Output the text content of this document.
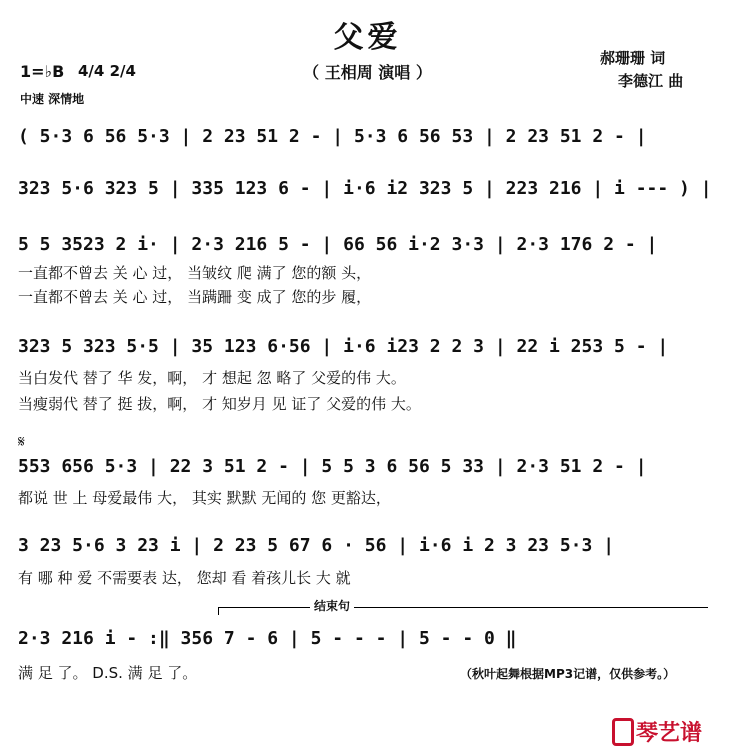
父爱
（ 王相周 演唱 ）
郝珊珊 词
李德江 曲
1=♭B 4/4 2/4
中速 深情地
( 5·3 6 56 5·3 | 2 23 51 2 - | 5·3 6 56 53 | 2 23 51 2 - |
323 5·6 323 5 | 335 123 6 - | i·6 i2 323 5 | 223 216 | i --- ) |
5 5 3523 2 i· | 2·3 216 5 - | 66 56 i·2 3·3 | 2·3 176 2 - |
一直都不曾去 关 心 过， 当皱纹 爬 满了 您的额 头，
一直都不曾去 关 心 过， 当蹒跚 变 成了 您的步 履，
323 5 323 5·5 | 35 123 6·56 | i·6 i23 2 2 3 | 22 i 253 5 - |
当白发代 替了 华 发，啊， 才 想起 忽 略了 父爱的伟 大。
当瘦弱代 替了 挺 拔，啊， 才 知岁月 见 证了 父爱的伟 大。
𝄋
553 656 5·3 | 22 3 51 2 - | 5 5 3 6 56 5 33 | 2·3 51 2 - |
都说 世 上 母爱最伟 大， 其实 默默 无闻的 您 更豁达，
3 23 5·6 3 23 i | 2 23 5 67 6 · 56 | i·6 i 2 3 23 5·3 |
有 哪 种 爱 不需要表 达， 您却 看 着孩儿长 大 就
结束句
2·3 216 i - :‖ 356 7 - 6 | 5 - - - | 5 - - 0 ‖
满 足 了。 D.S. 满 足 了。	（秋叶起舞根据MP3记谱，仅供参考。）
琴艺谱
